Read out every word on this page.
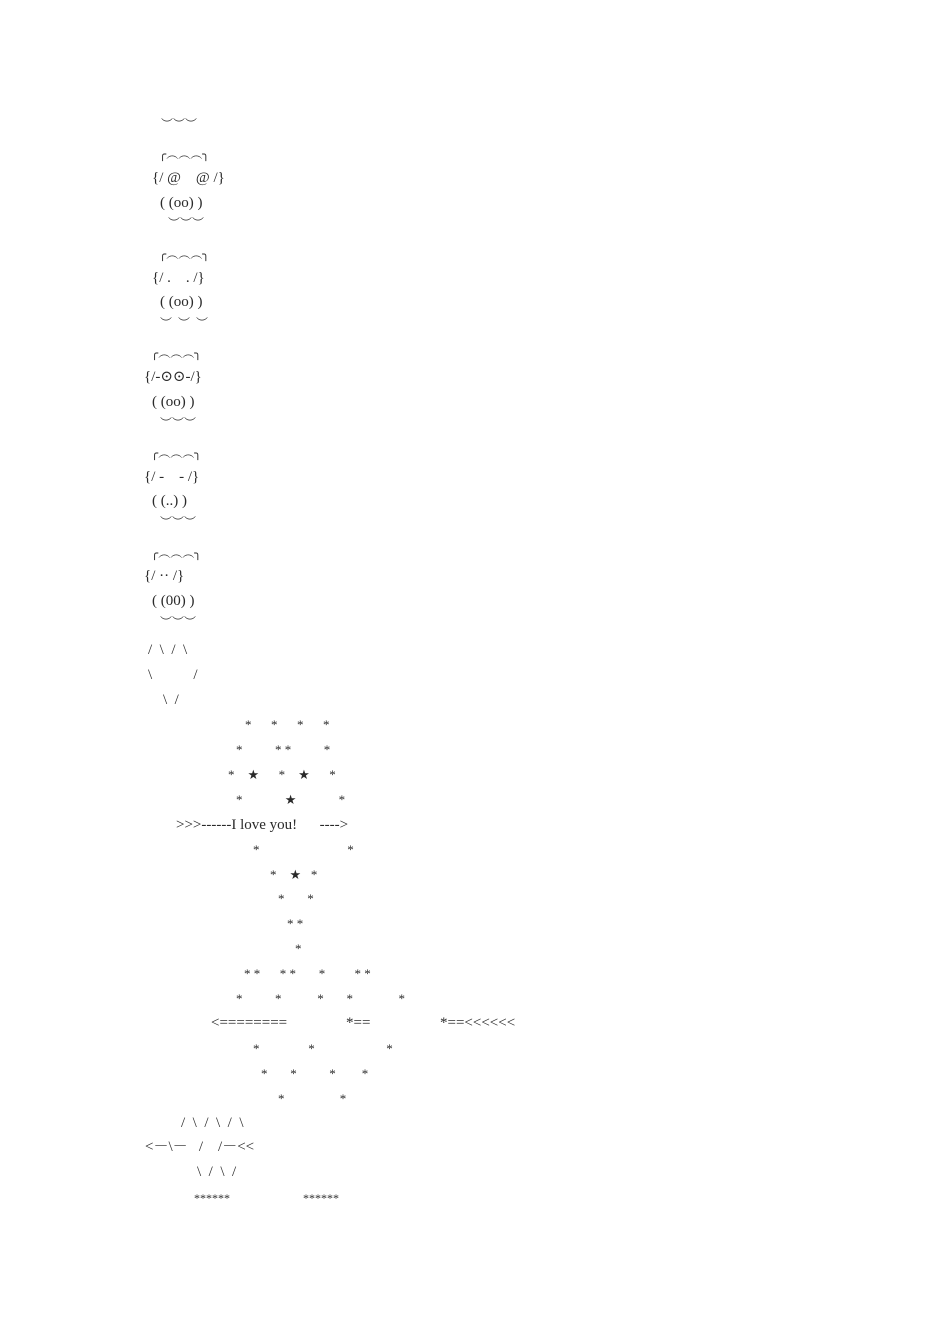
︶︶︶
╭︵︵︵╮
{/ @    @ /}
( (oo) )
︶︶︶
╭︵︵︵╮
{/ .    . /}
( (oo) )
︶  ︶  ︶
╭︵︵︵╮
{/-⊙⊙-/}
( (oo) )
︶︶︶
╭︵︵︵╮
{/ -    - /}
( (..) )
︶︶︶
╭︵︵︵╮
{/ ·· /}
( (00) )
︶︶︶
/  \  /  \
\           /
\  /
*      *      *      *
*          * *          *
*    ★      *    ★      *
*             ★             *
>>>------I love you!      ---->
*                           *
*    ★   *
*       *
* *
*
* *      * *       *         * *
*          *           *       *              *
<========	*==	*==<<<<<<
*               *                      *
*       *          *        *
*                 *
/  \  /  \  /  \
<－\－   /    /－<<
\  /  \  /
******	******
